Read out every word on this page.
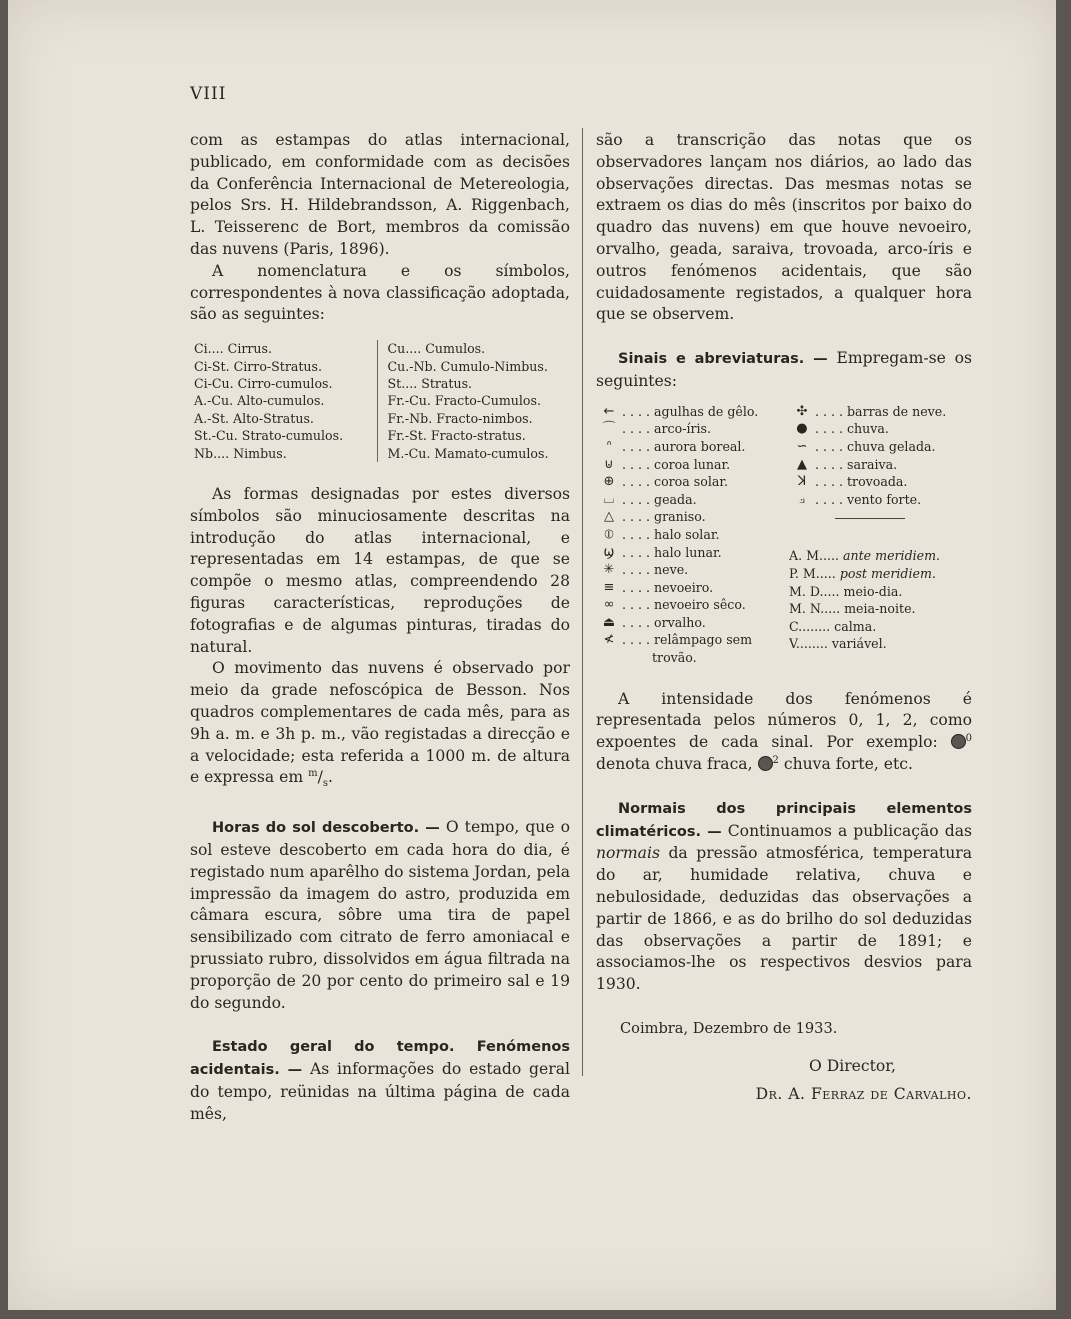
VIII

com as estampas do atlas internacional, publicado, em conformidade com as decisões da Conferência Internacional de Metereologia, pelos Srs. H. Hildebrandsson, A. Riggenbach, L. Teisserenc de Bort, membros da comissão das nuvens (Paris, 1896).

A nomenclatura e os símbolos, correspondentes à nova classificação adoptada, são as seguintes:

Ci.... Cirrus.
Ci-St. Cirro-Stratus.
Ci-Cu. Cirro-cumulos.
A.-Cu. Alto-cumulos.
A.-St. Alto-Stratus.
St.-Cu. Strato-cumulos.
Nb.... Nimbus.
Cu.... Cumulos.
Cu.-Nb. Cumulo-Nimbus.
St.... Stratus.
Fr.-Cu. Fracto-Cumulos.
Fr.-Nb. Fracto-nimbos.
Fr.-St. Fracto-stratus.
M.-Cu. Mamato-cumulos.

As formas designadas por estes diversos símbolos são minuciosamente descritas na introdução do atlas internacional, e representadas em 14 estampas, de que se compõe o mesmo atlas, compreendendo 28 figuras características, reproduções de fotografias e de algumas pinturas, tiradas do natural.

O movimento das nuvens é observado por meio da grade nefoscópica de Besson. Nos quadros complementares de cada mês, para as 9h a. m. e 3h p. m., vão registadas a direcção e a velocidade; esta referida a 1000 m. de altura e expressa em $^m/_s$.

Horas do sol descoberto. — O tempo, que o sol esteve descoberto em cada hora do dia, é registado num aparêlho do sistema Jordan, pela impressão da imagem do astro, produzida em câmara escura, sôbre uma tira de papel sensibilizado com citrato de ferro amoniacal e prussiato rubro, dissolvidos em água filtrada na proporção de 20 por cento do primeiro sal e 19 do segundo.

Estado geral do tempo. Fenómenos acidentais. — As informações do estado geral do tempo, reünidas na última página de cada mês,

são a transcrição das notas que os observadores lançam nos diários, ao lado das observações directas. Das mesmas notas se extraem os dias do mês (inscritos por baixo do quadro das nuvens) em que houve nevoeiro, orvalho, geada, saraiva, trovoada, arco-íris e outros fenómenos acidentais, que são cuidadosamente registados, a qualquer hora que se observem.

Sinais e abreviaturas. — Empregam-se os seguintes:

← . . . . agulhas de gêlo.
⌒ . . . . arco-íris.
ᐢ . . . . aurora boreal.
⊍ . . . . coroa lunar.
⊕ . . . . coroa solar.
⌴ . . . . geada.
△ . . . . graniso.
⦶ . . . . halo solar.
ϣ . . . . halo lunar.
✳ . . . . neve.
≡ . . . . nevoeiro.
∞ . . . . nevoeiro sêco.
⏏ . . . . orvalho.
≮ . . . . relâmpago sem
trovão.
✣ . . . . barras de neve.
● . . . . chuva.
∽ . . . . chuva gelada.
▲ . . . . saraiva.
ꓘ . . . . trovoada.
⟓ . . . . vento forte.
A. M..... ante meridiem.
P. M..... post meridiem.
M. D..... meio-dia.
M. N..... meia-noite.
C........ calma.
V........ variável.

A intensidade dos fenómenos é representada pelos números 0, 1, 2, como expoentes de cada sinal. Por exemplo: $^0$ denota chuva fraca, $^2$ chuva forte, etc.

Normais dos principais elementos climatéricos. — Continuamos a publicação das normais da pressão atmosférica, temperatura do ar, humidade relativa, chuva e nebulosidade, deduzidas das observações a partir de 1866, e as do brilho do sol deduzidas das observações a partir de 1891; e associamos-lhe os respectivos desvios para 1930.

Coimbra, Dezembro de 1933.
O Director,
Dr. A. Ferraz de Carvalho.
